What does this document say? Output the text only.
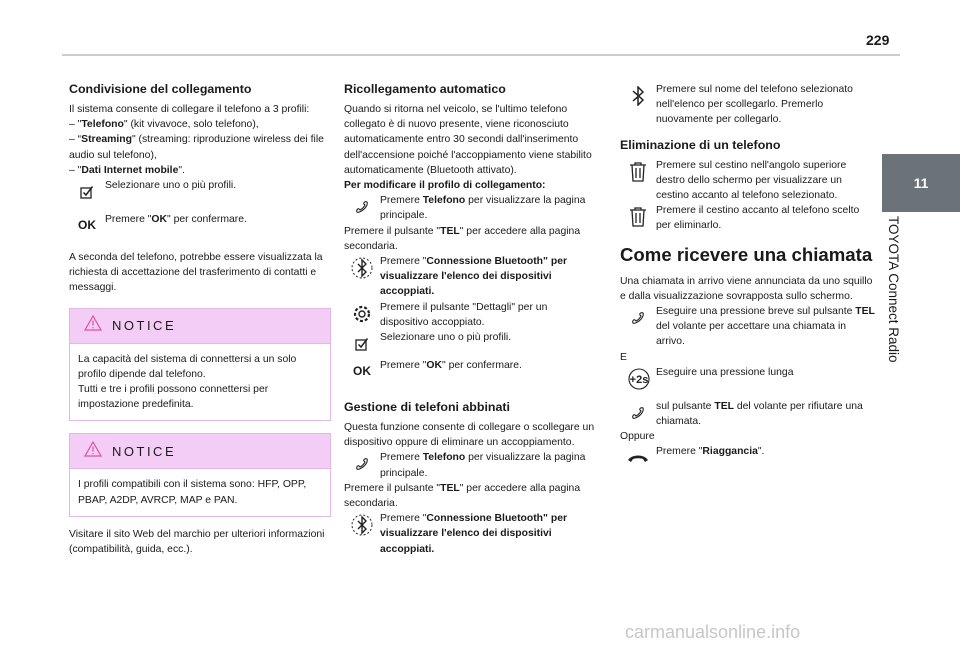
229
11
TOYOTA Connect Radio
Condivisione del collegamento

Il sistema consente di collegare il telefono a 3 profili:

– "Telefono" (kit vivavoce, solo telefono),

– “Streaming" (streaming: riproduzione wireless dei file audio sul telefono),

– "Dati Internet mobile".

Selezionare uno o più profili.
OK Premere "OK" per confermare.

A seconda del telefono, potrebbe essere visualizzata la richiesta di accettazione del trasferimento di contatti e messaggi.

NOTICE

La capacità del sistema di connettersi a un solo profilo dipende dal telefono.

Tutti e tre i profili possono connettersi per impostazione predefinita.

NOTICE

I profili compatibili con il sistema sono: HFP, OPP, PBAP, A2DP, AVRCP, MAP e PAN.

Visitare il sito Web del marchio per ulteriori informazioni (compatibilità, guida, ecc.).

Ricollegamento automatico

Quando si ritorna nel veicolo, se l'ultimo telefono collegato è di nuovo presente, viene riconosciuto automaticamente entro 30 secondi dall'inserimento dell'accensione poiché l'accoppiamento viene stabilito automaticamente (Bluetooth attivato).

Per modificare il profilo di collegamento:

Premere Telefono per visualizzare la pagina principale.

Premere il pulsante "TEL" per accedere alla pagina secondaria.

Premere "Connessione Bluetooth" per visualizzare l'elenco dei dispositivi accoppiati.
Premere il pulsante "Dettagli" per un dispositivo accoppiato.
Selezionare uno o più profili.
OK Premere "OK" per confermare.
Gestione di telefoni abbinati

Questa funzione consente di collegare o scollegare un dispositivo oppure di eliminare un accoppiamento.

Premere Telefono per visualizzare la pagina principale.

Premere il pulsante "TEL" per accedere alla pagina secondaria.

Premere "Connessione Bluetooth" per visualizzare l'elenco dei dispositivi accoppiati.
Premere sul nome del telefono selezionato nell'elenco per scollegarlo. Premerlo nuovamente per collegarlo.
Eliminazione di un telefono
Premere sul cestino nell'angolo superiore destro dello schermo per visualizzare un cestino accanto al telefono selezionato.
Premere il cestino accanto al telefono scelto per eliminarlo.
Come ricevere una chiamata

Una chiamata in arrivo viene annunciata da uno squillo e dalla visualizzazione sovrapposta sullo schermo.

Eseguire una pressione breve sul pulsante TEL del volante per accettare una chiamata in arrivo.

E

+2s
Eseguire una pressione lunga
sul pulsante TEL del volante per rifiutare una chiamata.

Oppure

Premere "Riaggancia".
carmanualsonline.info
